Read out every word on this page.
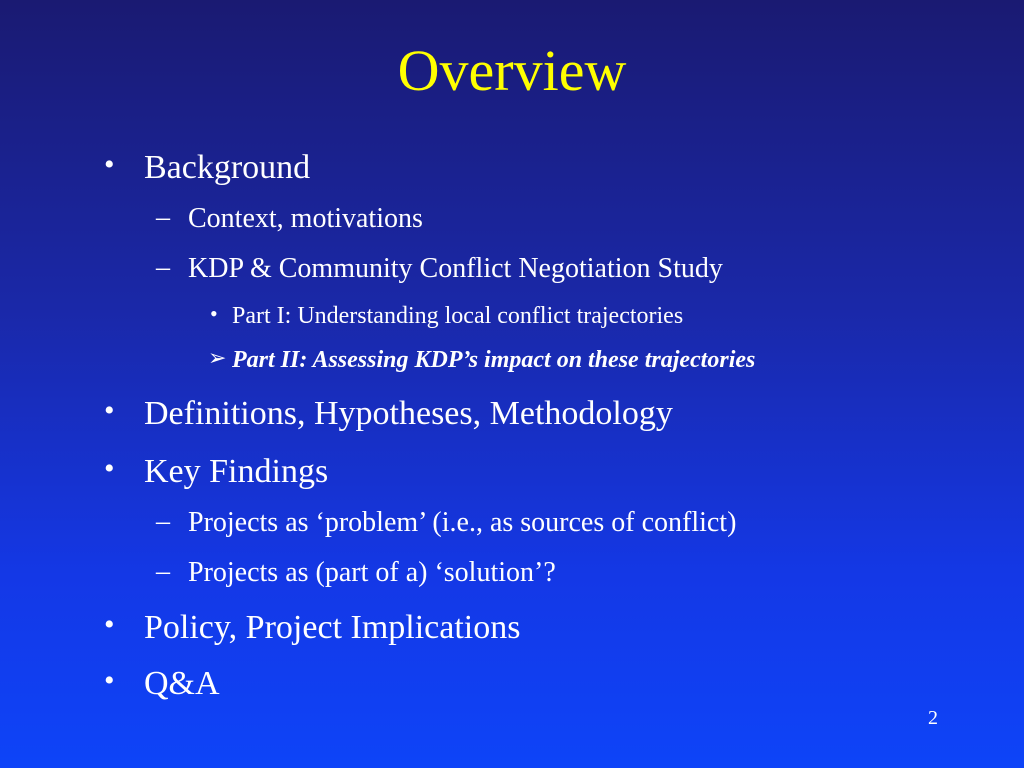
Overview
• Background
– Context, motivations
– KDP & Community Conflict Negotiation Study
• Part I: Understanding local conflict trajectories
➢ Part II: Assessing KDP’s impact on these trajectories
• Definitions, Hypotheses, Methodology
• Key Findings
– Projects as ‘problem’ (i.e., as sources of conflict)
– Projects as (part of a) ‘solution’?
• Policy, Project Implications
• Q&A
2
